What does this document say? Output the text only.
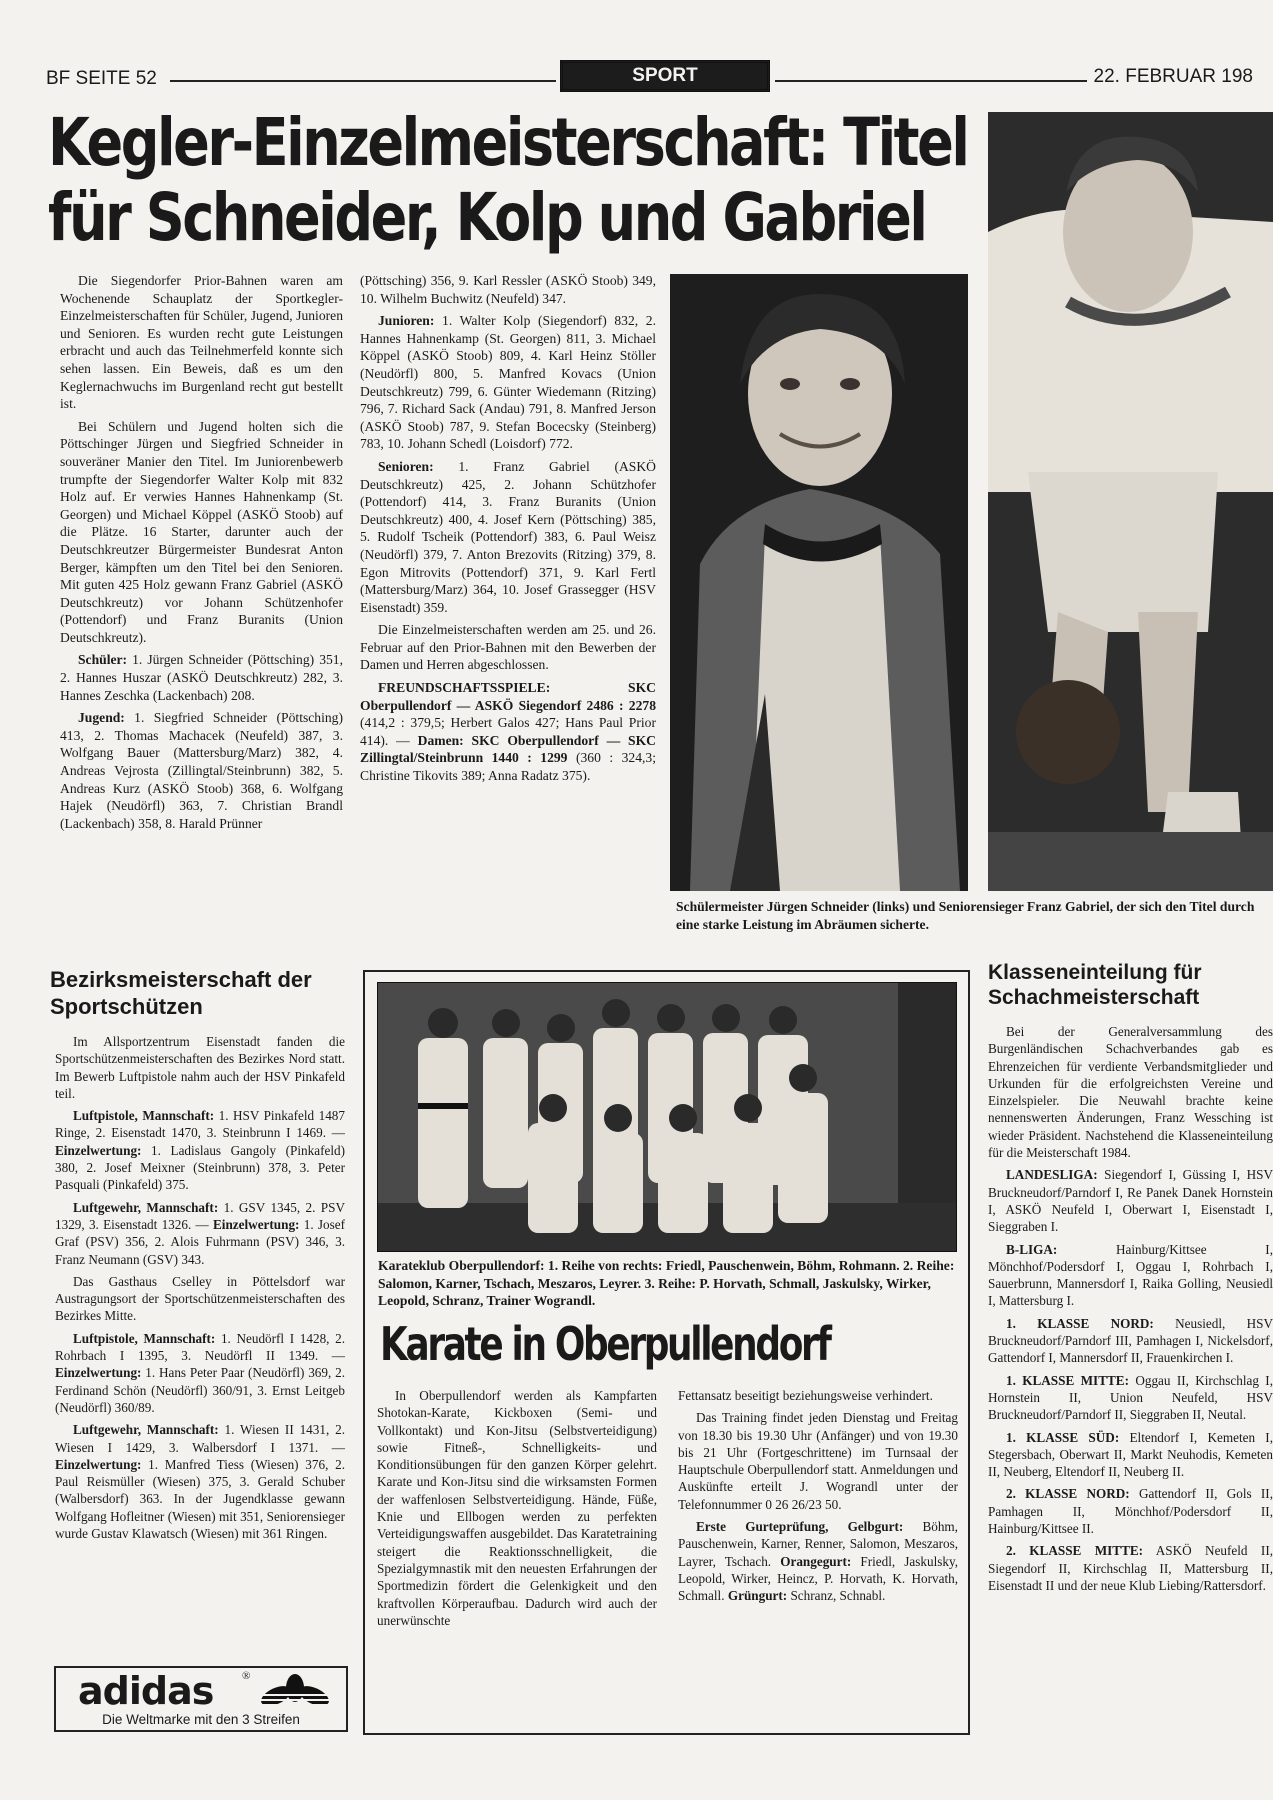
BF SEITE 52	SPORT	22. FEBRUAR 198
Kegler-Einzelmeisterschaft: Titel
für Schneider, Kolp und Gabriel

Die Siegendorfer Prior-Bahnen waren am Wochenende Schauplatz der Sportkegler-Einzelmeisterschaften für Schüler, Jugend, Junioren und Senioren. Es wurden recht gute Leistungen erbracht und auch das Teilnehmerfeld konnte sich sehen lassen. Ein Beweis, daß es um den Keglernachwuchs im Burgenland recht gut bestellt ist.

Bei Schülern und Jugend holten sich die Pöttschinger Jürgen und Siegfried Schneider in souveräner Manier den Titel. Im Juniorenbewerb trumpfte der Siegendorfer Walter Kolp mit 832 Holz auf. Er verwies Hannes Hahnenkamp (St. Georgen) und Michael Köppel (ASKÖ Stoob) auf die Plätze. 16 Starter, darunter auch der Deutschkreutzer Bürgermeister Bundesrat Anton Berger, kämpften um den Titel bei den Senioren. Mit guten 425 Holz gewann Franz Gabriel (ASKÖ Deutschkreutz) vor Johann Schützenhofer (Pottendorf) und Franz Buranits (Union Deutschkreutz).

Schüler: 1. Jürgen Schneider (Pöttsching) 351, 2. Hannes Huszar (ASKÖ Deutschkreutz) 282, 3. Hannes Zeschka (Lackenbach) 208.

Jugend: 1. Siegfried Schneider (Pöttsching) 413, 2. Thomas Machacek (Neufeld) 387, 3. Wolfgang Bauer (Mattersburg/Marz) 382, 4. Andreas Vejrosta (Zillingtal/Steinbrunn) 382, 5. Andreas Kurz (ASKÖ Stoob) 368, 6. Wolfgang Hajek (Neudörfl) 363, 7. Christian Brandl (Lackenbach) 358, 8. Harald Prünner

(Pöttsching) 356, 9. Karl Ressler (ASKÖ Stoob) 349, 10. Wilhelm Buchwitz (Neufeld) 347.

Junioren: 1. Walter Kolp (Siegendorf) 832, 2. Hannes Hahnenkamp (St. Georgen) 811, 3. Michael Köppel (ASKÖ Stoob) 809, 4. Karl Heinz Stöller (Neudörfl) 800, 5. Manfred Kovacs (Union Deutschkreutz) 799, 6. Günter Wiedemann (Ritzing) 796, 7. Richard Sack (Andau) 791, 8. Manfred Jerson (ASKÖ Stoob) 787, 9. Stefan Bocecsky (Steinberg) 783, 10. Johann Schedl (Loisdorf) 772.

Senioren: 1. Franz Gabriel (ASKÖ Deutschkreutz) 425, 2. Johann Schützhofer (Pottendorf) 414, 3. Franz Buranits (Union Deutschkreutz) 400, 4. Josef Kern (Pöttsching) 385, 5. Rudolf Tscheik (Pottendorf) 383, 6. Paul Weisz (Neudörfl) 379, 7. Anton Brezovits (Ritzing) 379, 8. Egon Mitrovits (Pottendorf) 371, 9. Karl Fertl (Mattersburg/Marz) 364, 10. Josef Grassegger (HSV Eisenstadt) 359.

Die Einzelmeisterschaften werden am 25. und 26. Februar auf den Prior-Bahnen mit den Bewerben der Damen und Herren abgeschlossen.

FREUNDSCHAFTSSPIELE: SKC Oberpullendorf — ASKÖ Siegendorf 2486 : 2278 (414,2 : 379,5; Herbert Galos 427; Hans Paul Prior 414). — Damen: SKC Oberpullendorf — SKC Zillingtal/Steinbrunn 1440 : 1299 (360 : 324,3; Christine Tikovits 389; Anna Radatz 375).

Schülermeister Jürgen Schneider (links) und Seniorensieger Franz Gabriel, der sich den Titel durch eine starke Leistung im Abräumen sicherte.
Bezirksmeisterschaft der Sportschützen

Im Allsportzentrum Eisenstadt fanden die Sportschützenmeisterschaften des Bezirkes Nord statt. Im Bewerb Luftpistole nahm auch der HSV Pinkafeld teil.

Luftpistole, Mannschaft: 1. HSV Pinkafeld 1487 Ringe, 2. Eisenstadt 1470, 3. Steinbrunn I 1469. — Einzelwertung: 1. Ladislaus Gangoly (Pinkafeld) 380, 2. Josef Meixner (Steinbrunn) 378, 3. Peter Pasquali (Pinkafeld) 375.

Luftgewehr, Mannschaft: 1. GSV 1345, 2. PSV 1329, 3. Eisenstadt 1326. — Einzelwertung: 1. Josef Graf (PSV) 356, 2. Alois Fuhrmann (PSV) 346, 3. Franz Neumann (GSV) 343.

Das Gasthaus Cselley in Pöttelsdorf war Austragungsort der Sportschützenmeisterschaften des Bezirkes Mitte.

Luftpistole, Mannschaft: 1. Neudörfl I 1428, 2. Rohrbach I 1395, 3. Neudörfl II 1349. — Einzelwertung: 1. Hans Peter Paar (Neudörfl) 369, 2. Ferdinand Schön (Neudörfl) 360/91, 3. Ernst Leitgeb (Neudörfl) 360/89.

Luftgewehr, Mannschaft: 1. Wiesen II 1431, 2. Wiesen I 1429, 3. Walbersdorf I 1371. — Einzelwertung: 1. Manfred Tiess (Wiesen) 376, 2. Paul Reismüller (Wiesen) 375, 3. Gerald Schuber (Walbersdorf) 363. In der Jugendklasse gewann Wolfgang Hofleitner (Wiesen) mit 351, Seniorensieger wurde Gustav Klawatsch (Wiesen) mit 361 Ringen.

adidas	®
Die Weltmarke mit den 3 Streifen
Karateklub Oberpullendorf: 1. Reihe von rechts: Friedl, Pauschenwein, Böhm, Rohmann. 2. Reihe: Salomon, Karner, Tschach, Meszaros, Leyrer. 3. Reihe: P. Horvath, Schmall, Jaskulsky, Wirker, Leopold, Schranz, Trainer Wograndl.
Karate in Oberpullendorf

In Oberpullendorf werden als Kampfarten Shotokan-Karate, Kickboxen (Semi- und Vollkontakt) und Kon-Jitsu (Selbstverteidigung) sowie Fitneß-, Schnelligkeits- und Konditionsübungen für den ganzen Körper gelehrt. Karate und Kon-Jitsu sind die wirksamsten Formen der waffenlosen Selbstverteidigung. Hände, Füße, Knie und Ellbogen werden zu perfekten Verteidigungswaffen ausgebildet. Das Karatetraining steigert die Reaktionsschnelligkeit, die Spezialgymnastik mit den neuesten Erfahrungen der Sportmedizin fördert die Gelenkigkeit und den kraftvollen Körperaufbau. Dadurch wird auch der unerwünschte

Fettansatz beseitigt beziehungsweise verhindert.

Das Training findet jeden Dienstag und Freitag von 18.30 bis 19.30 Uhr (Anfänger) und von 19.30 bis 21 Uhr (Fortgeschrittene) im Turnsaal der Hauptschule Oberpullendorf statt. Anmeldungen und Auskünfte erteilt J. Wograndl unter der Telefonnummer 0 26 26/23 50.

Erste Gurteprüfung, Gelbgurt: Böhm, Pauschenwein, Karner, Renner, Salomon, Meszaros, Layrer, Tschach. Orangegurt: Friedl, Jaskulsky, Leopold, Wirker, Heincz, P. Horvath, K. Horvath, Schmall. Grüngurt: Schranz, Schnabl.

Klasseneinteilung für Schachmeisterschaft

Bei der Generalversammlung des Burgenländischen Schachverbandes gab es Ehrenzeichen für verdiente Verbandsmitglieder und Urkunden für die erfolgreichsten Vereine und Einzelspieler. Die Neuwahl brachte keine nennenswerten Änderungen, Franz Wessching ist wieder Präsident. Nachstehend die Klasseneinteilung für die Meisterschaft 1984.

LANDESLIGA: Siegendorf I, Güssing I, HSV Bruckneudorf/Parndorf I, Re Panek Danek Hornstein I, ASKÖ Neufeld I, Oberwart I, Eisenstadt I, Sieggraben I.

B-LIGA: Hainburg/Kittsee I, Mönchhof/Podersdorf I, Oggau I, Rohrbach I, Sauerbrunn, Mannersdorf I, Raika Golling, Neusiedl I, Mattersburg I.

1. KLASSE NORD: Neusiedl, HSV Bruckneudorf/Parndorf III, Pamhagen I, Nickelsdorf, Gattendorf I, Mannersdorf II, Frauenkirchen I.

1. KLASSE MITTE: Oggau II, Kirchschlag I, Hornstein II, Union Neufeld, HSV Bruckneudorf/Parndorf II, Sieggraben II, Neutal.

1. KLASSE SÜD: Eltendorf I, Kemeten I, Stegersbach, Oberwart II, Markt Neuhodis, Kemeten II, Neuberg, Eltendorf II, Neuberg II.

2. KLASSE NORD: Gattendorf II, Gols II, Pamhagen II, Mönchhof/Podersdorf II, Hainburg/Kittsee II.

2. KLASSE MITTE: ASKÖ Neufeld II, Siegendorf II, Kirchschlag II, Mattersburg II, Eisenstadt II und der neue Klub Liebing/Rattersdorf.
